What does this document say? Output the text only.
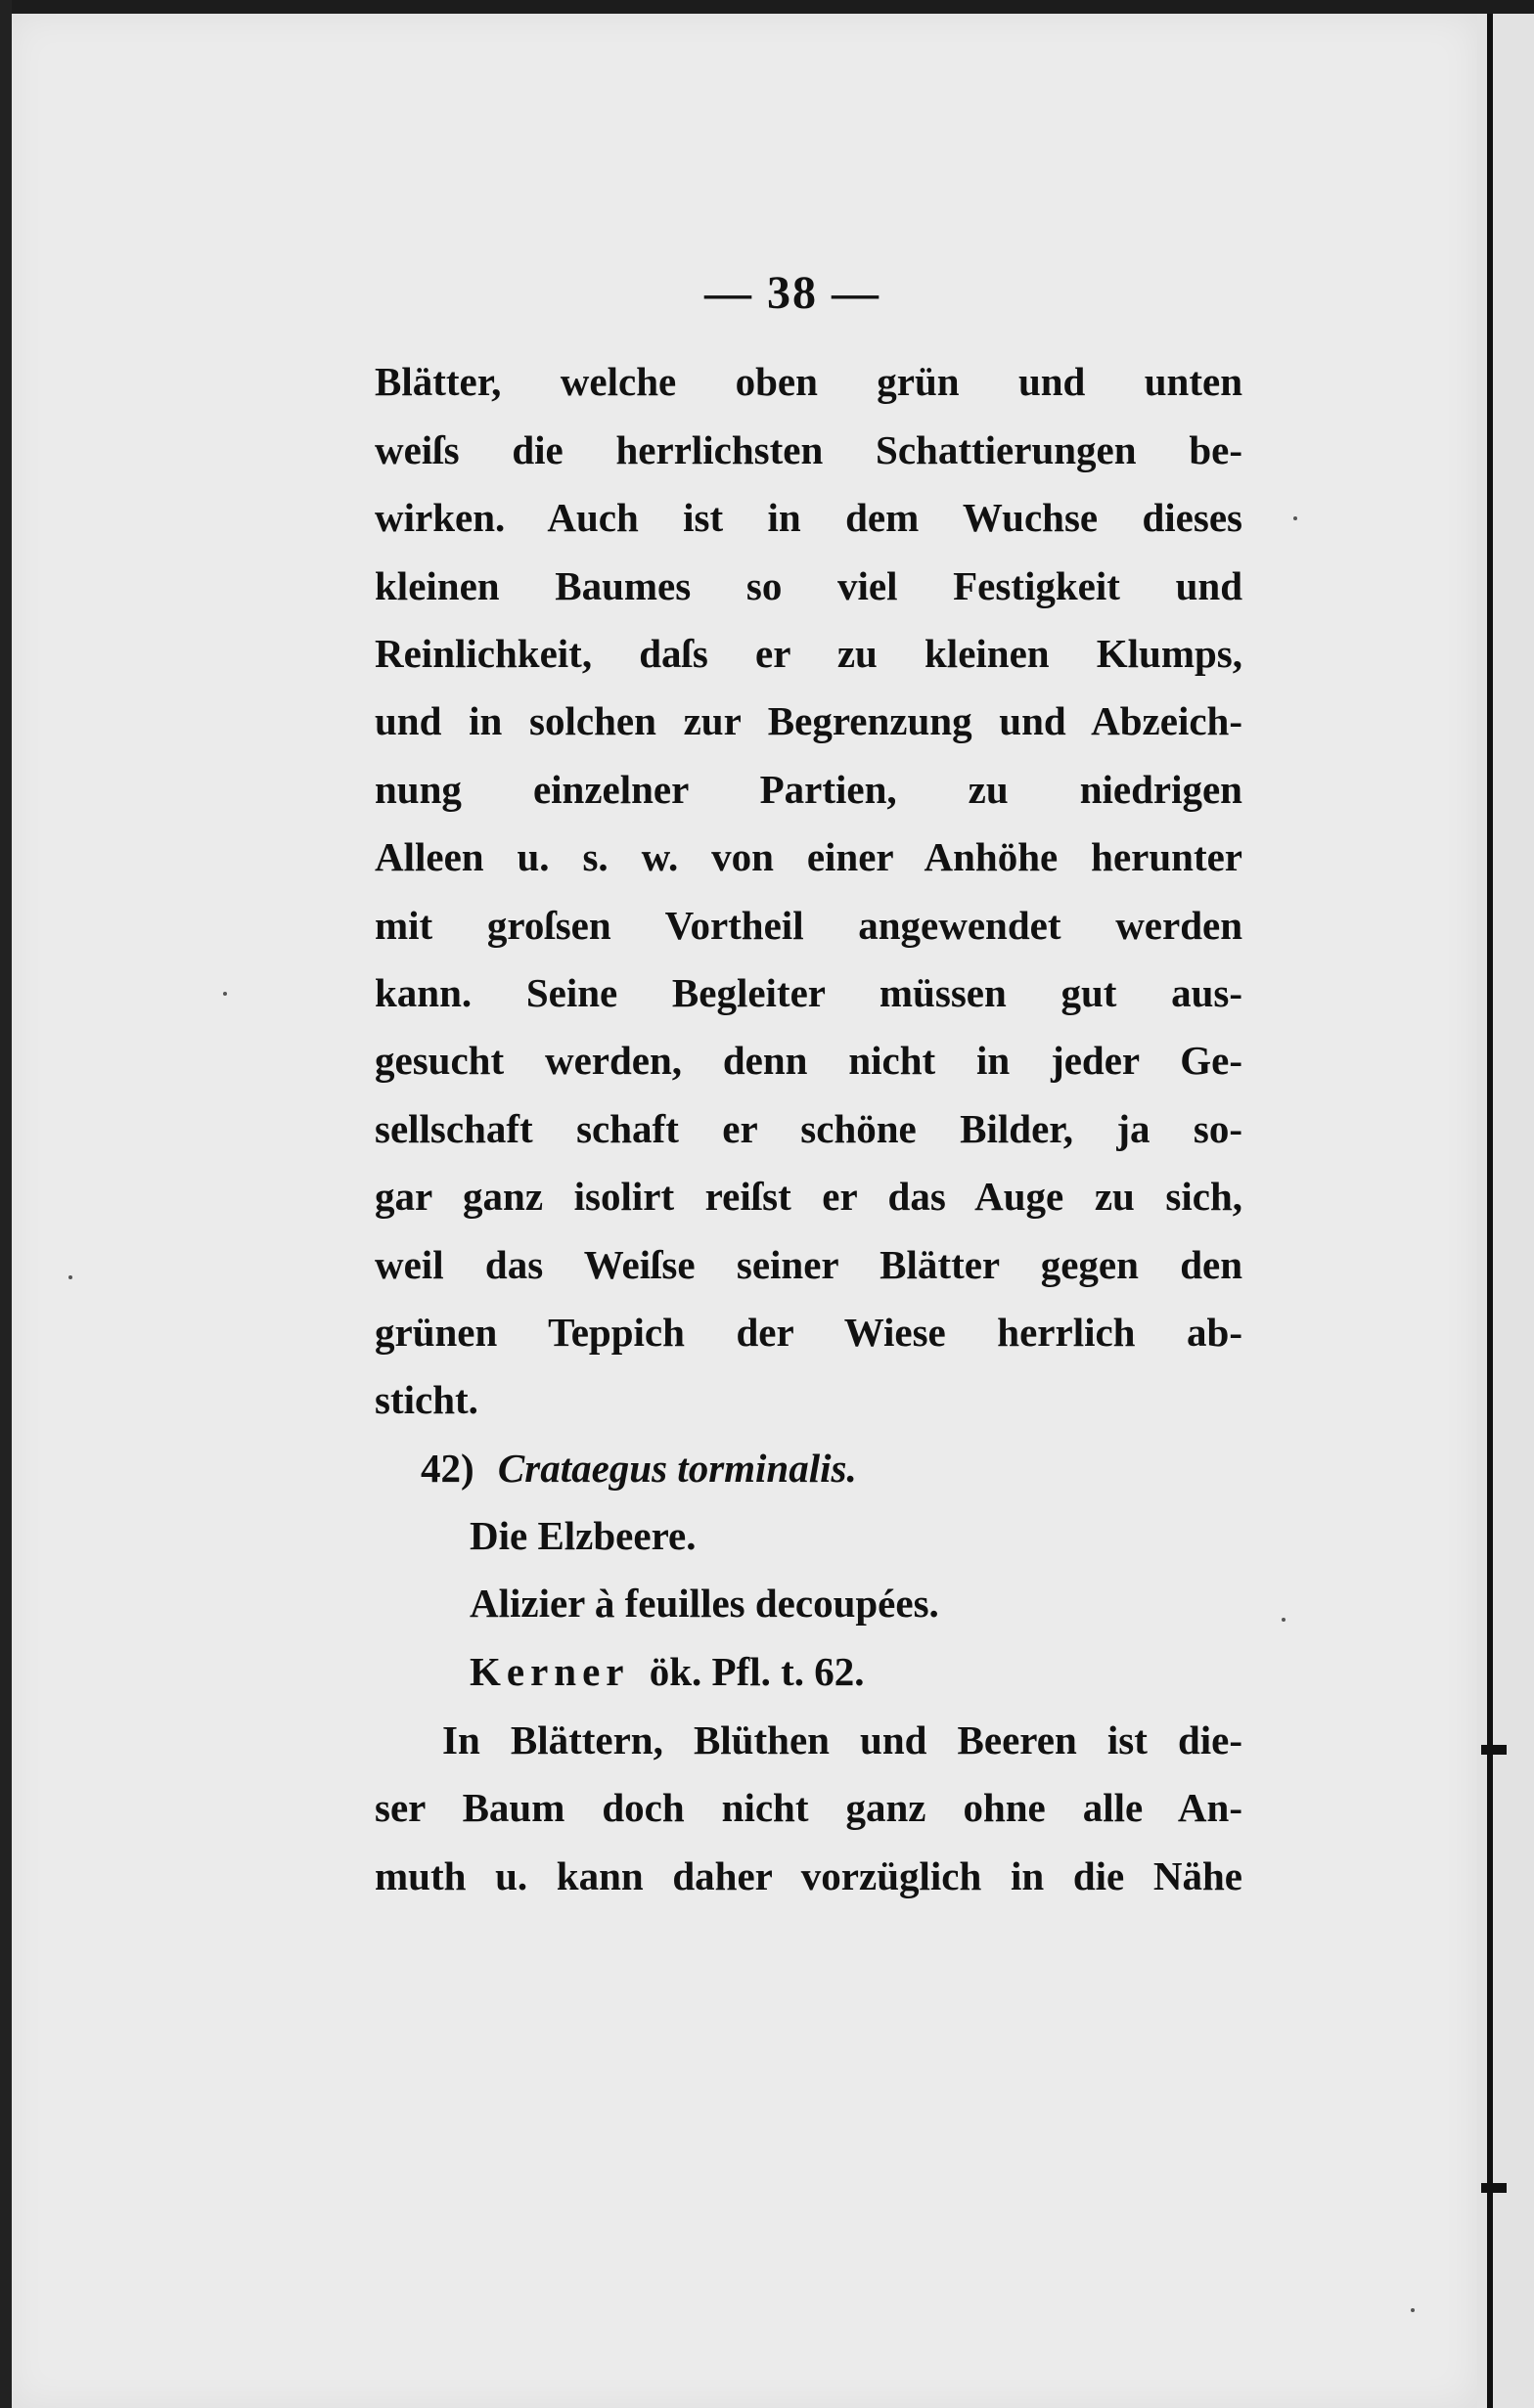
— 38 —
Blätter, welche oben grün und unten
weiſs die herrlichsten Schattierungen be-
wirken. Auch ist in dem Wuchse dieses
kleinen Baumes so viel Festigkeit und
Reinlichkeit, daſs er zu kleinen Klumps,
und in solchen zur Begrenzung und Abzeich-
nung einzelner Partien, zu niedrigen
Alleen u. s. w. von einer Anhöhe herunter
mit groſsen Vortheil angewendet werden
kann. Seine Begleiter müssen gut aus-
gesucht werden, denn nicht in jeder Ge-
sellschaft schaft er schöne Bilder, ja so-
gar ganz isolirt reiſst er das Auge zu sich,
weil das Weiſse seiner Blätter gegen den
grünen Teppich der Wiese herrlich ab-
sticht.
42) Crataegus torminalis.
Die Elzbeere.
Alizier à feuilles decoupées.
Kerner ök. Pfl. t. 62.
In Blättern, Blüthen und Beeren ist die-
ser Baum doch nicht ganz ohne alle An-
muth u. kann daher vorzüglich in die Nähe
